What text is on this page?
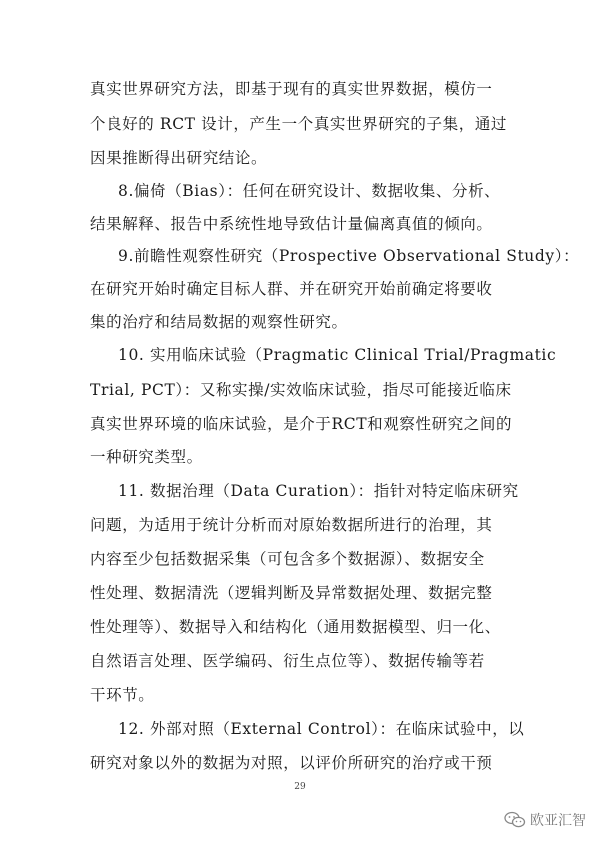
真实世界研究方法，即基于现有的真实世界数据，模仿一
个良好的 RCT 设计，产生一个真实世界研究的子集，通过
因果推断得出研究结论。
8.偏倚（Bias）：任何在研究设计、数据收集、分析、
结果解释、报告中系统性地导致估计量偏离真值的倾向。
9.前瞻性观察性研究（Prospective Observational Study）：
在研究开始时确定目标人群、并在研究开始前确定将要收
集的治疗和结局数据的观察性研究。
10. 实用临床试验（Pragmatic Clinical Trial/Pragmatic
Trial, PCT）：又称实操/实效临床试验，指尽可能接近临床
真实世界环境的临床试验，是介于RCT和观察性研究之间的
一种研究类型。
11. 数据治理（Data Curation）：指针对特定临床研究
问题，为适用于统计分析而对原始数据所进行的治理，其
内容至少包括数据采集（可包含多个数据源）、数据安全
性处理、数据清洗（逻辑判断及异常数据处理、数据完整
性处理等）、数据导入和结构化（通用数据模型、归一化、
自然语言处理、医学编码、衍生点位等）、数据传输等若
干环节。
12. 外部对照（External Control）：在临床试验中，以
研究对象以外的数据为对照，以评价所研究的治疗或干预
29
欧亚汇智
